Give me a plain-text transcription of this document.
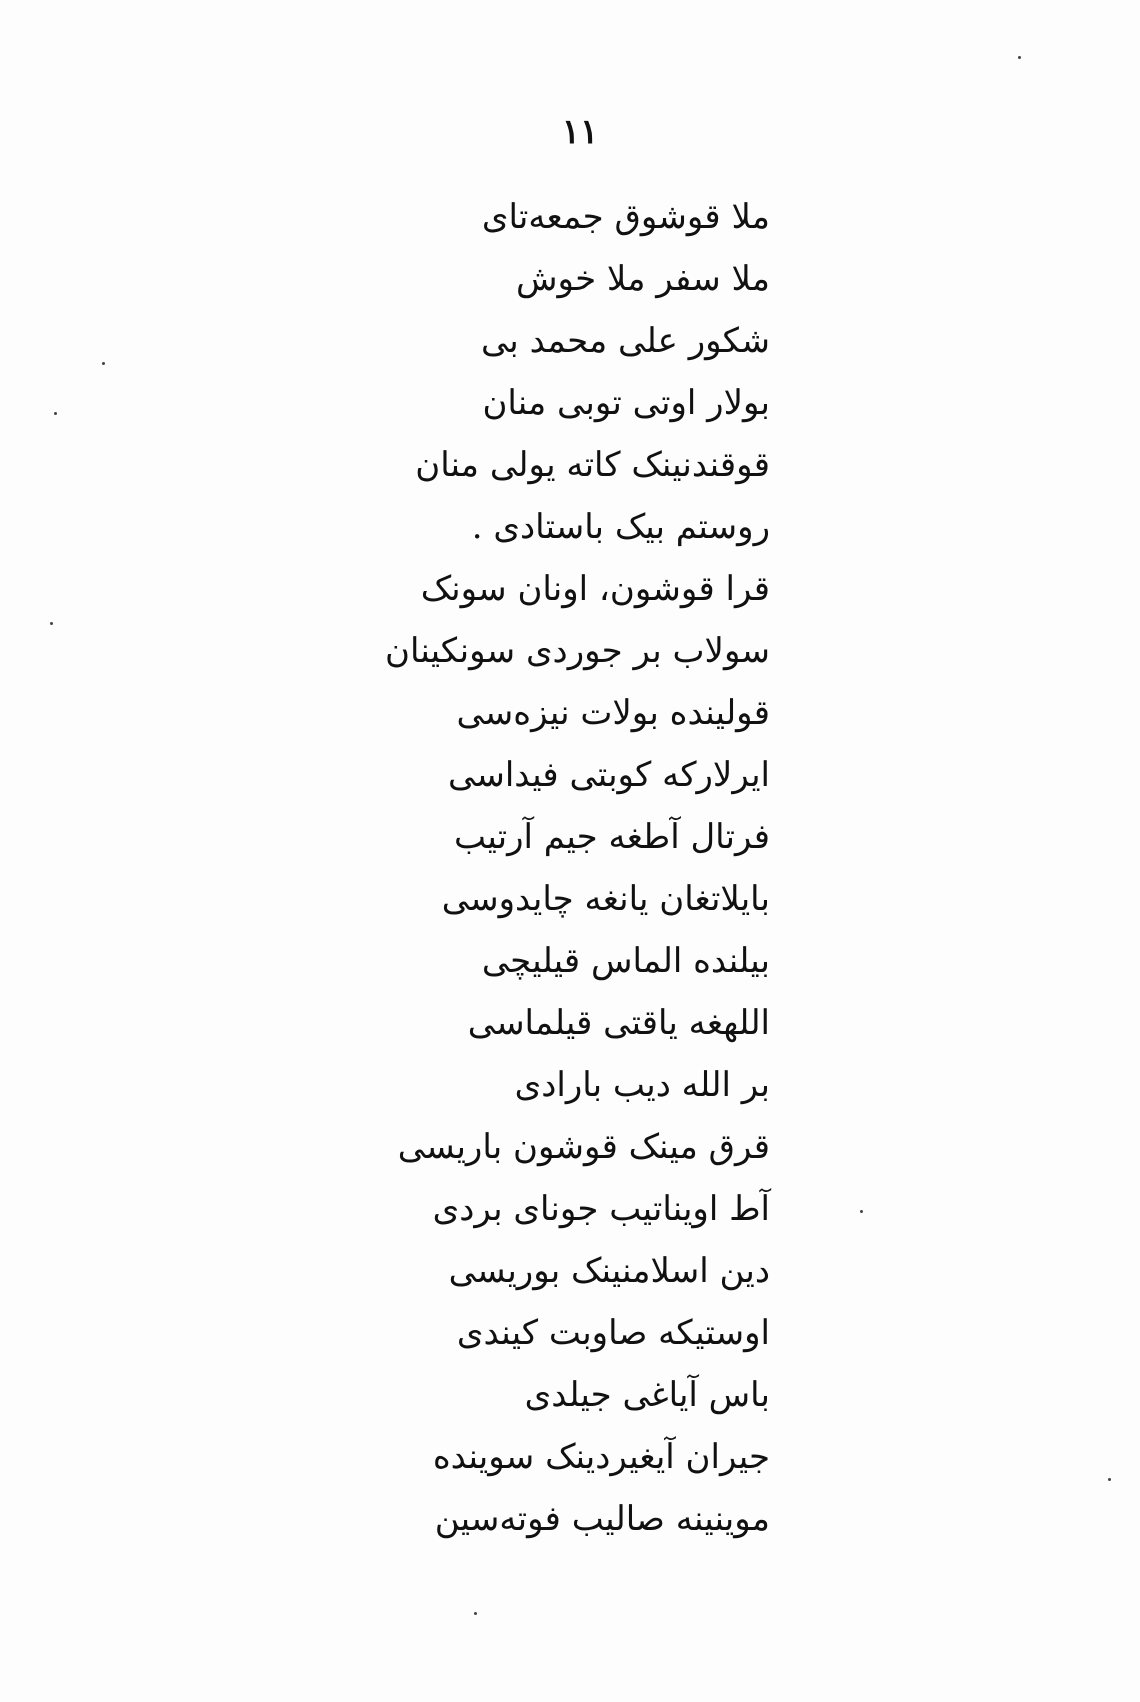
۱۱
ملا قوشوق جمعه‌تای
ملا سفر ملا خوش
شکور علی محمد بی
بولار اوتی توبی منان
قوقندنینک کاته یولی منان
روستم بیک باستادی .
قرا قوشون، اونان سونک
سولاب بر جوردی سونکینان
قولینده بولات نیزه‌سی
ایرلارکه کوبتی فیداسی
فرتال آطغه جیم آرتیب
بایلاتغان یانغه چایدوسی
بیلنده الماس قیلیچی
اللهغه یاقتی قیلماسی
بر الله دیب بارادی
قرق مینک قوشون باریسی
آط اویناتیب جونای بردی
دین اسلامنینک بوریسی
اوستیکه صاوبت کیندی
باس آیاغی جیلدی
جیران آیغیردینک سوینده
موینینه صالیب فوته‌سین
